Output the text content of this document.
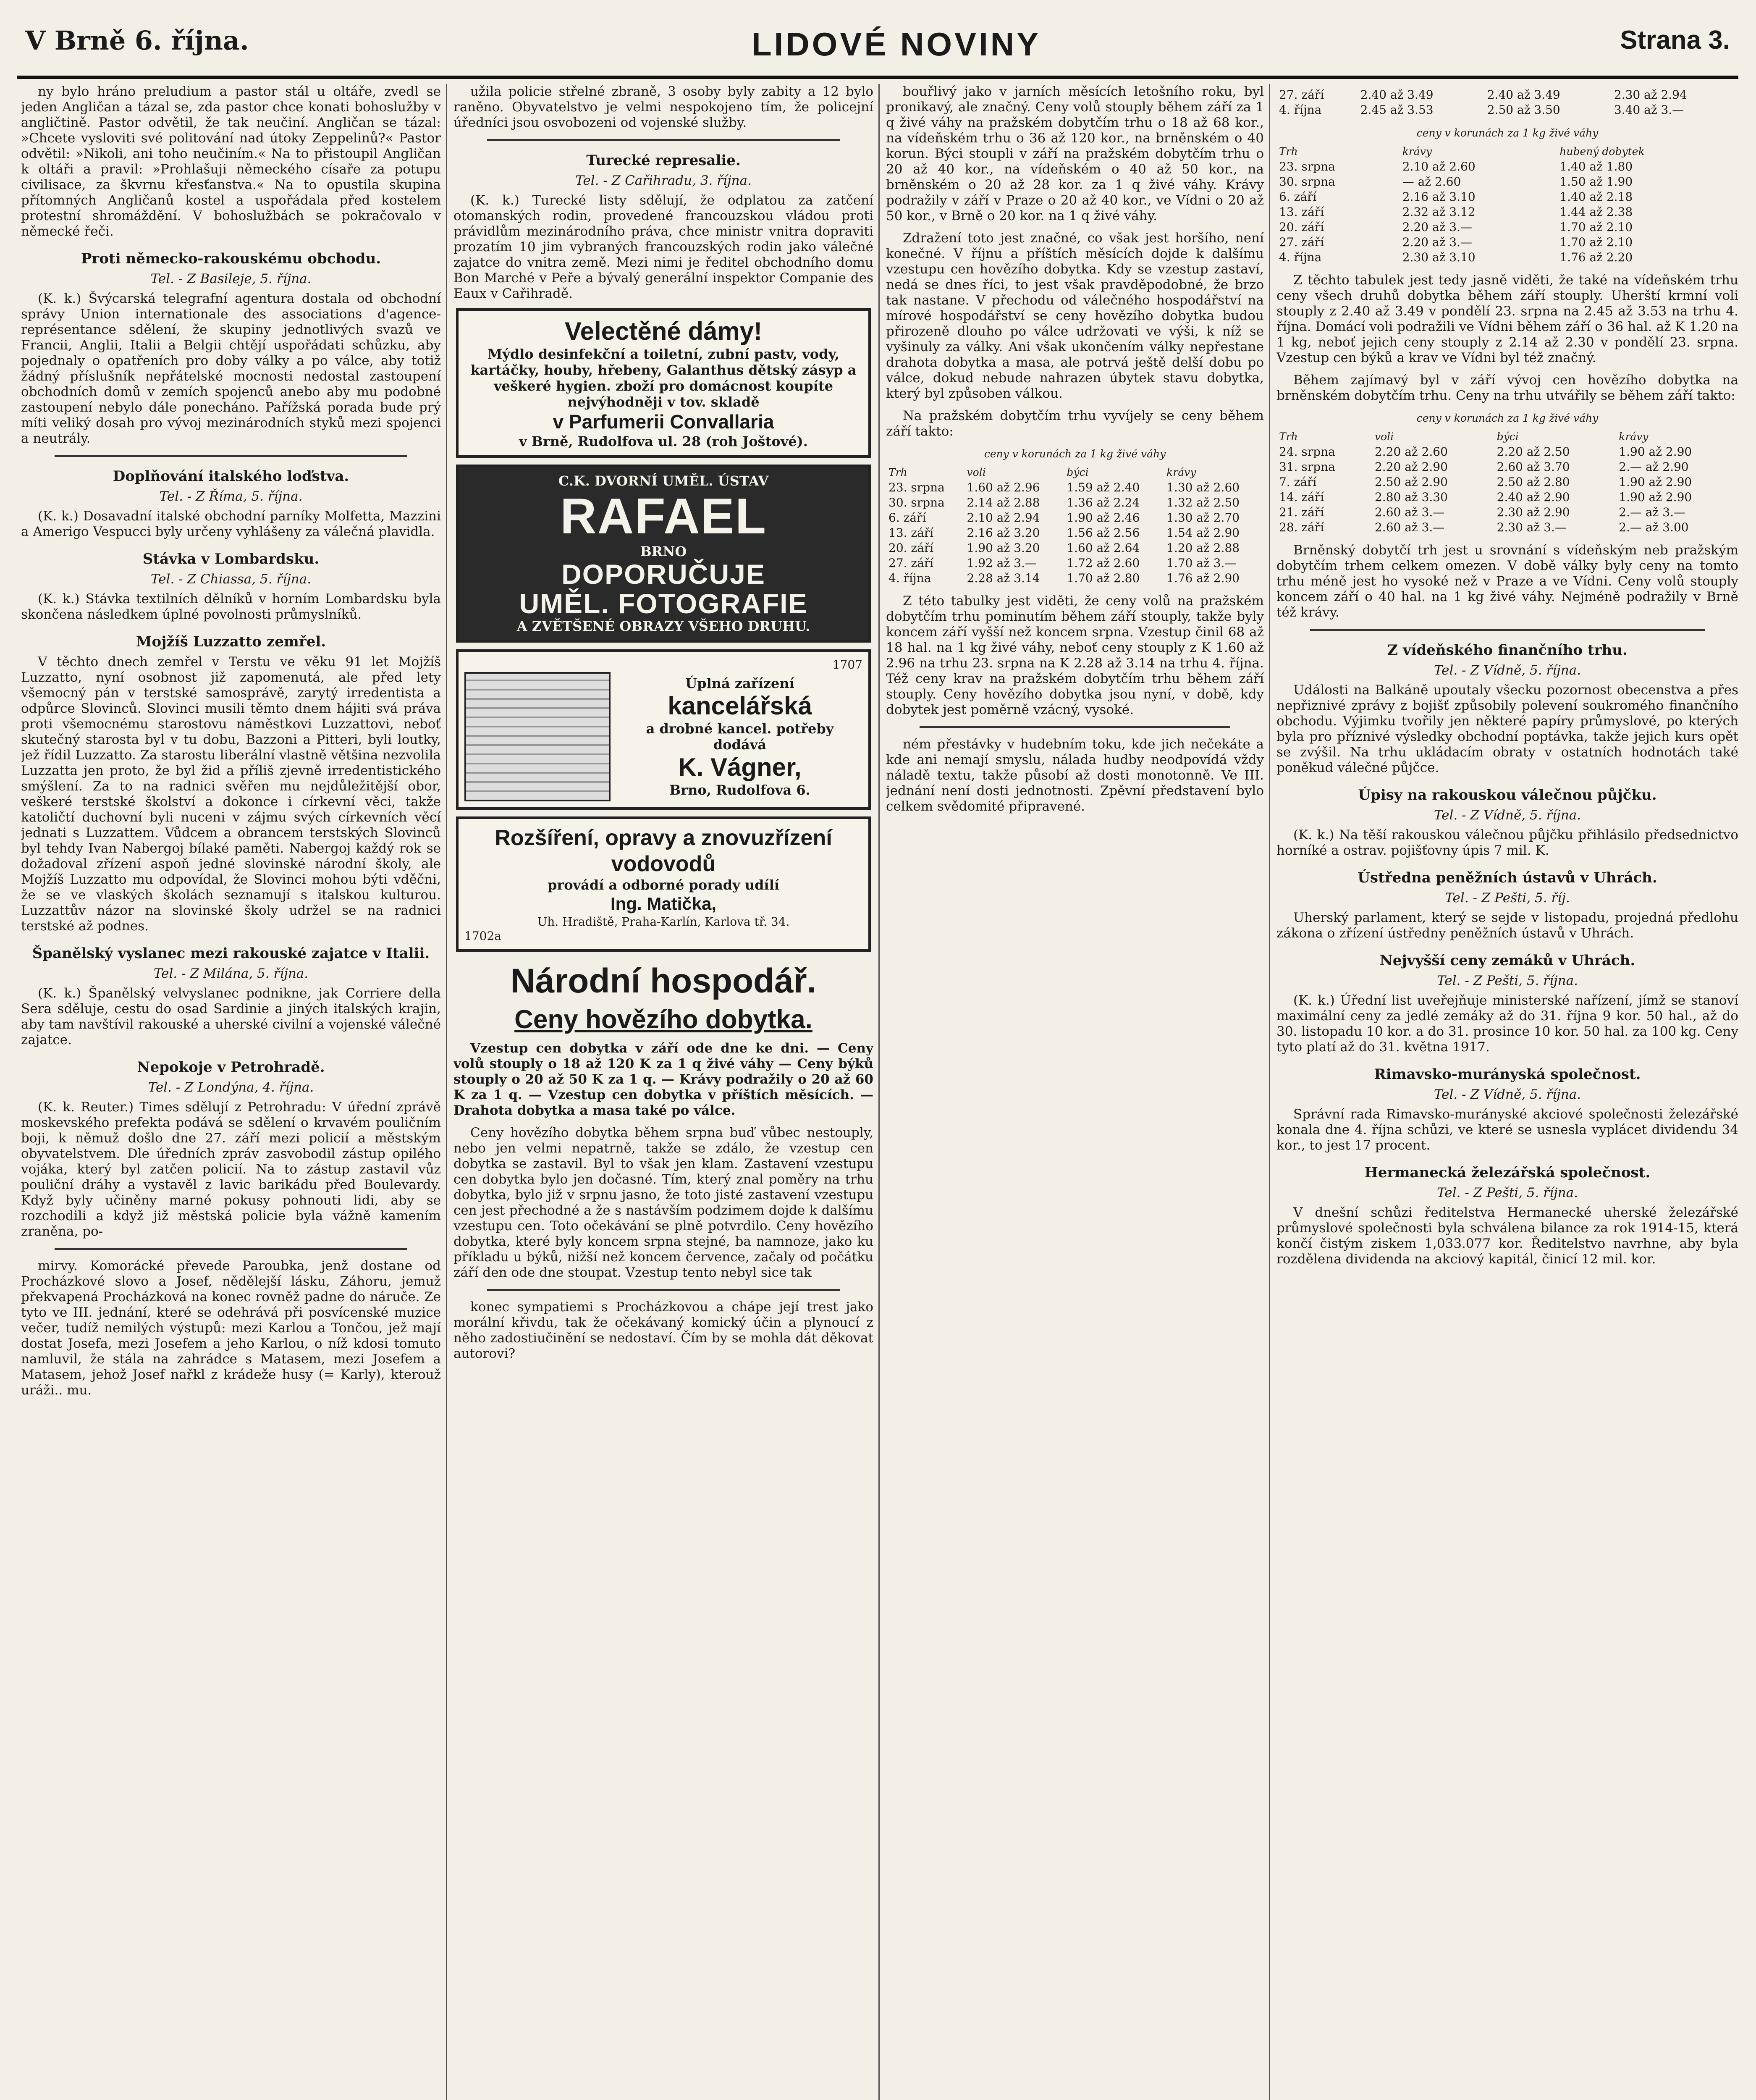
V Brně 6. října.	LIDOVÉ NOVINY	Strana 3.

ny bylo hráno preludium a pastor stál u oltáře, zvedl se jeden Angličan a tázal se, zda pastor chce konati bohoslužby v angličtině. Pastor odvětil, že tak neučiní. Angličan se tázal: »Chcete vysloviti své politování nad útoky Zeppelinů?« Pastor odvětil: »Nikoli, ani toho neučiním.« Na to přistoupil Angličan k oltáři a pravil: »Prohlašuji německého císaře za potupu civilisace, za škvrnu křesťanstva.« Na to opustila skupina přítomných Angličanů kostel a uspořádala před kostelem protestní shromáždění. V bohoslužbách se pokračovalo v německé řeči.

Proti německo-rakouskému obchodu.
Tel. - Z Basileje, 5. října.

(K. k.) Švýcarská telegrafní agentura dostala od obchodní správy Union internationale des associations d'agence-représentance sdělení, že skupiny jednotlivých svazů ve Francii, Anglii, Italii a Belgii chtějí uspořádati schůzku, aby pojednaly o opatřeních pro doby války a po válce, aby totiž žádný příslušník nepřátelské mocnosti nedostal zastoupení obchodních domů v zemích spojenců anebo aby mu podobné zastoupení nebylo dále ponecháno. Pařížská porada bude prý míti veliký dosah pro vývoj mezinárodních styků mezi spojenci a neutrály.

Doplňování italského loďstva.
Tel. - Z Říma, 5. října.

(K. k.) Dosavadní italské obchodní parníky Molfetta, Mazzini a Amerigo Vespucci byly určeny vyhlášeny za válečná plavidla.

Stávka v Lombardsku.
Tel. - Z Chiassa, 5. října.

(K. k.) Stávka textilních dělníků v horním Lombardsku byla skončena následkem úplné povolnosti průmyslníků.

Mojžíš Luzzatto zemřel.

V těchto dnech zemřel v Terstu ve věku 91 let Mojžíš Luzzatto, nyní osobnost již zapomenutá, ale před lety všemocný pán v terstské samosprávě, zarytý irredentista a odpůrce Slovinců. Slovinci musili těmto dnem hájiti svá práva proti všemocnému starostovu náměstkovi Luzzattovi, neboť skutečný starosta byl v tu dobu, Bazzoni a Pitteri, byli loutky, jež řídil Luzzatto. Za starostu liberální vlastně většina nezvolila Luzzatta jen proto, že byl žid a příliš zjevně irredentistického smýšlení. Za to na radnici svěřen mu nejdůležitější obor, veškeré terstské školství a dokonce i církevní věci, takže katoličtí duchovní byli nuceni v zájmu svých církevních věcí jednati s Luzzattem. Vůdcem a obrancem terstských Slovinců byl tehdy Ivan Nabergoj bílaké paměti. Nabergoj každý rok se dožadoval zřízení aspoň jedné slovinské národní školy, ale Mojžíš Luzzatto mu odpovídal, že Slovinci mohou býti vděčni, že se ve vlaských školách seznamují s italskou kulturou. Luzzattův názor na slovinské školy udržel se na radnici terstské až podnes.

Španělský vyslanec mezi rakouské zajatce v Italii.
Tel. - Z Milána, 5. října.

(K. k.) Španělský velvyslanec podnikne, jak Corriere della Sera sděluje, cestu do osad Sardinie a jiných italských krajin, aby tam navštívil rakouské a uherské civilní a vojenské válečné zajatce.

Nepokoje v Petrohradě.
Tel. - Z Londýna, 4. října.

(K. k. Reuter.) Times sdělují z Petrohradu: V úřední zprávě moskevského prefekta podává se sdělení o krvavém pouličním boji, k němuž došlo dne 27. září mezi policií a městským obyvatelstvem. Dle úředních zpráv zasvobodil zástup opilého vojáka, který byl zatčen policií. Na to zástup zastavil vůz pouliční dráhy a vystavěl z lavic barikádu před Boulevardy. Když byly učiněny marné pokusy pohnouti lidi, aby se rozchodili a když již městská policie byla vážně kamením zraněna, po-

mirvy. Komorácké převede Paroubka, jenž dostane od Procházkové slovo a Josef, nědělejší lásku, Záhoru, jemuž překvapená Procházková na konec rovněž padne do náruče. Ze tyto ve III. jednání, které se odehrává při posvícenské muzice večer, tudíž nemilých výstupů: mezi Karlou a Tončou, jež mají dostat Josefa, mezi Josefem a jeho Karlou, o níž kdosi tomuto namluvil, že stála na zahrádce s Matasem, mezi Josefem a Matasem, jehož Josef nařkl z krádeže husy (= Karly), kterouž uráži.. mu.

užila policie střelné zbraně, 3 osoby byly zabity a 12 bylo raněno. Obyvatelstvo je velmi nespokojeno tím, že policejní úředníci jsou osvobozeni od vojenské služby.

Turecké represalie.
Tel. - Z Cařihradu, 3. října.

(K. k.) Turecké listy sdělují, že odplatou za zatčení otomanských rodin, provedené francouzskou vládou proti právidlům mezinárodního práva, chce ministr vnitra dopraviti prozatím 10 jim vybraných francouzských rodin jako válečné zajatce do vnitra země. Mezi nimi je ředitel obchodního domu Bon Marché v Peře a bývalý generální inspektor Companie des Eaux v Cařihradě.

Velectěné dámy!
Mýdlo desinfekční a toiletní, zubní pastv, vody, kartáčky, houby, hřebeny, Galanthus dětský zásyp a veškeré hygien. zboží pro domácnost koupíte nejvýhodněji v tov. skladě
v Parfumerii Convallaria
v Brně, Rudolfova ul. 28 (roh Joštové).
C.K. DVORNÍ UMĚL. ÚSTAV
RAFAEL
BRNO
DOPORUČUJE
UMĚL. FOTOGRAFIE
A ZVĚTŠENÉ OBRAZY VŠEHO DRUHU.
1707
Úplná zařízení
kancelářská
a drobné kancel. potřeby dodává
K. Vágner,
Brno, Rudolfova 6.
Rozšíření, opravy a znovuzřízení vodovodů
provádí a odborné porady udílí
Ing. Matička,
Uh. Hradiště, Praha-Karlín, Karlova tř. 34.
1702a
Národní hospodář.
Ceny hovězího dobytka.

Vzestup cen dobytka v září ode dne ke dni. — Ceny volů stouply o 18 až 120 K za 1 q živé váhy — Ceny býků stouply o 20 až 50 K za 1 q. — Krávy podražily o 20 až 60 K za 1 q. — Vzestup cen dobytka v příštích měsících. — Drahota dobytka a masa také po válce.

Ceny hovězího dobytka během srpna buď vůbec nestouply, nebo jen velmi nepatrně, takže se zdálo, že vzestup cen dobytka se zastavil. Byl to však jen klam. Zastavení vzestupu cen dobytka bylo jen dočasné. Tím, který znal poměry na trhu dobytka, bylo již v srpnu jasno, že toto jisté zastavení vzestupu cen jest přechodné a že s nastávším podzimem dojde k dalšímu vzestupu cen. Toto očekávání se plně potvrdilo. Ceny hovězího dobytka, které byly koncem srpna stejné, ba namnoze, jako ku příkladu u býků, nižší než koncem července, začaly od počátku září den ode dne stoupat. Vzestup tento nebyl sice tak

konec sympatiemi s Procházkovou a chápe její trest jako morální křivdu, tak že očekávaný komický účin a plynoucí z něho zadostiučinění se nedostaví. Čím by se mohla dát děkovat autorovi?

bouřlivý jako v jarních měsících letošního roku, byl pronikavý, ale značný. Ceny volů stouply během září za 1 q živé váhy na pražském dobytčím trhu o 18 až 68 kor., na vídeňském trhu o 36 až 120 kor., na brněnském o 40 korun. Býci stoupli v září na pražském dobytčím trhu o 20 až 40 kor., na vídeňském o 40 až 50 kor., na brněnském o 20 až 28 kor. za 1 q živé váhy. Krávy podražily v září v Praze o 20 až 40 kor., ve Vídni o 20 až 50 kor., v Brně o 20 kor. na 1 q živé váhy.

Zdražení toto jest značné, co však jest horšího, není konečné. V říjnu a příštích měsících dojde k dalšímu vzestupu cen hovězího dobytka. Kdy se vzestup zastaví, nedá se dnes říci, to jest však pravděpodobné, že brzo tak nastane. V přechodu od válečného hospodářství na mírové hospodářství se ceny hovězího dobytka budou přirozeně dlouho po válce udržovati ve výši, k níž se vyšinuly za války. Ani však ukončením války nepřestane drahota dobytka a masa, ale potrvá ještě delší dobu po válce, dokud nebude nahrazen úbytek stavu dobytka, který byl způsoben válkou.

Na pražském dobytčím trhu vyvíjely se ceny během září takto:

ceny v korunách za 1 kg živé váhy
Trh	voli	býci	krávy
23. srpna	1.60 až 2.96	1.59 až 2.40	1.30 až 2.60
30. srpna	2.14 až 2.88	1.36 až 2.24	1.32 až 2.50
6. září	2.10 až 2.94	1.90 až 2.46	1.30 až 2.70
13. září	2.16 až 3.20	1.56 až 2.56	1.54 až 2.90
20. září	1.90 až 3.20	1.60 až 2.64	1.20 až 2.88
27. září	1.92 až 3.—	1.72 až 2.60	1.70 až 3.—
4. října	2.28 až 3.14	1.70 až 2.80	1.76 až 2.90

Z této tabulky jest viděti, že ceny volů na pražském dobytčím trhu pominutím během září stouply, takže byly koncem září vyšší než koncem srpna. Vzestup činil 68 až 18 hal. na 1 kg živé váhy, neboť ceny stouply z K 1.60 až 2.96 na trhu 23. srpna na K 2.28 až 3.14 na trhu 4. října. Též ceny krav na pražském dobytčím trhu během září stouply. Ceny hovězího dobytka jsou nyní, v době, kdy dobytek jest poměrně vzácný, vysoké.

ném přestávky v hudebním toku, kde jich nečekáte a kde ani nemají smyslu, nálada hudby neodpovídá vždy náladě textu, takže působí až dosti monotonně. Ve III. jednání není dosti jednotnosti. Zpěvní představení bylo celkem svědomité připravené.

27. září	2.40 až 3.49	2.40 až 3.49	2.30 až 2.94
4. října	2.45 až 3.53	2.50 až 3.50	3.40 až 3.—
ceny v korunách za 1 kg živé váhy
Trh	krávy	hubený dobytek
23. srpna	2.10 až 2.60	1.40 až 1.80
30. srpna	— až 2.60	1.50 až 1.90
6. září	2.16 až 3.10	1.40 až 2.18
13. září	2.32 až 3.12	1.44 až 2.38
20. září	2.20 až 3.—	1.70 až 2.10
27. září	2.20 až 3.—	1.70 až 2.10
4. října	2.30 až 3.10	1.76 až 2.20

Z těchto tabulek jest tedy jasně viděti, že také na vídeňském trhu ceny všech druhů dobytka během září stouply. Uherští krmní voli stouply z 2.40 až 3.49 v pondělí 23. srpna na 2.45 až 3.53 na trhu 4. října. Domácí voli podražili ve Vídni během září o 36 hal. až K 1.20 na 1 kg, neboť jejich ceny stouply z 2.14 až 2.30 v pondělí 23. srpna. Vzestup cen býků a krav ve Vídni byl též značný.

Během zajímavý byl v září vývoj cen hovězího dobytka na brněnském dobytčím trhu. Ceny na trhu utvářily se během září takto:

ceny v korunách za 1 kg živé váhy
Trh	voli	býci	krávy
24. srpna	2.20 až 2.60	2.20 až 2.50	1.90 až 2.90
31. srpna	2.20 až 2.90	2.60 až 3.70	2.— až 2.90
7. září	2.50 až 2.90	2.50 až 2.80	1.90 až 2.90
14. září	2.80 až 3.30	2.40 až 2.90	1.90 až 2.90
21. září	2.60 až 3.—	2.30 až 2.90	2.— až 3.—
28. září	2.60 až 3.—	2.30 až 3.—	2.— až 3.00

Brněnský dobytčí trh jest u srovnání s vídeňským neb pražským dobytčím trhem celkem omezen. V době války byly ceny na tomto trhu méně jest ho vysoké než v Praze a ve Vídni. Ceny volů stouply koncem září o 40 hal. na 1 kg živé váhy. Nejméně podražily v Brně též krávy.

Z vídeňského finančního trhu.
Tel. - Z Vídně, 5. října.

Události na Balkáně upoutaly všecku pozornost obecenstva a přes nepřiznivé zprávy z bojišť způsobily polevení soukromého finančního obchodu. Výjimku tvořily jen některé papíry průmyslové, po kterých byla pro příznivé výsledky obchodní poptávka, takže jejich kurs opět se zvýšil. Na trhu ukládacím obraty v ostatních hodnotách také poněkud válečné půjčce.

Úpisy na rakouskou válečnou půjčku.
Tel. - Z Vídně, 5. října.

(K. k.) Na těší rakouskou válečnou půjčku přihlásilo předsednictvo horníké a ostrav. pojišťovny úpis 7 mil. K.

Ústředna peněžních ústavů v Uhrách.
Tel. - Z Pešti, 5. říj.

Uherský parlament, který se sejde v listopadu, projedná předlohu zákona o zřízení ústředny peněžních ústavů v Uhrách.

Nejvyšší ceny zemáků v Uhrách.
Tel. - Z Pešti, 5. října.

(K. k.) Úřední list uveřejňuje ministerské nařízení, jímž se stanoví maximální ceny za jedlé zemáky až do 31. října 9 kor. 50 hal., až do 30. listopadu 10 kor. a do 31. prosince 10 kor. 50 hal. za 100 kg. Ceny tyto platí až do 31. května 1917.

Rimavsko-murányská společnost.
Tel. - Z Vídně, 5. října.

Správní rada Rimavsko-murányské akciové společnosti železářské konala dne 4. října schůzi, ve které se usnesla vyplácet dividendu 34 kor., to jest 17 procent.

Hermanecká železářská společnost.
Tel. - Z Pešti, 5. října.

V dnešní schůzi ředitelstva Hermanecké uherské železářské průmyslové společnosti byla schválena bilance za rok 1914-15, která končí čistým ziskem 1,033.077 kor. Ředitelstvo navrhne, aby byla rozdělena dividenda na akciový kapitál, činicí 12 mil. kor.
